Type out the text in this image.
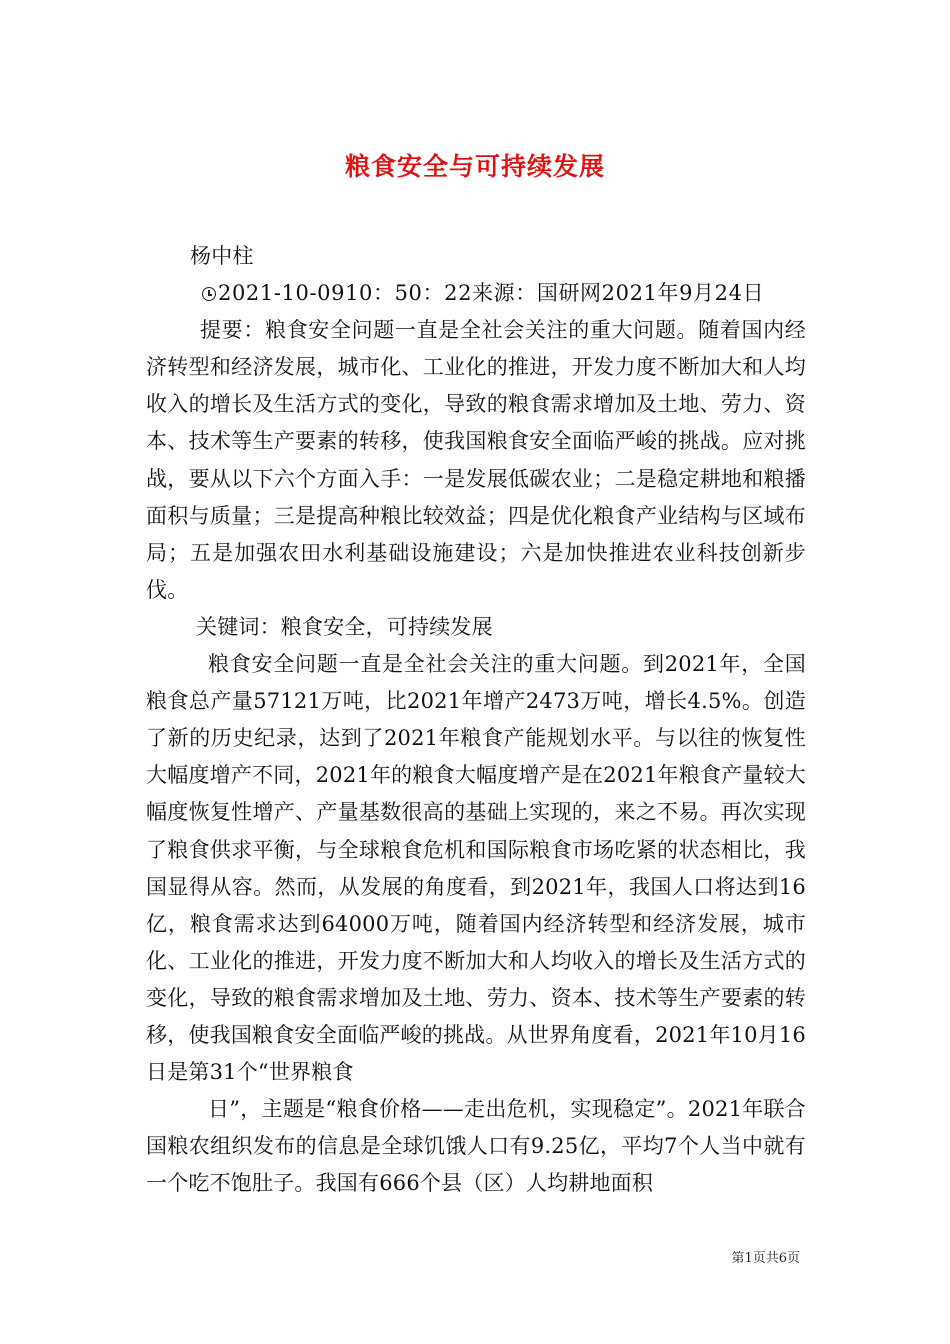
粮食安全与可持续发展

杨中柱

2021-10-0910：50：22来源：国研网2021年9月24日

提要：粮食安全问题一直是全社会关注的重大问题。随着国内经济转型和经济发展，城市化、工业化的推进，开发力度不断加大和人均收入的增长及生活方式的变化，导致的粮食需求增加及土地、劳力、资本、技术等生产要素的转移，使我国粮食安全面临严峻的挑战。应对挑战，要从以下六个方面入手：一是发展低碳农业；二是稳定耕地和粮播面积与质量；三是提高种粮比较效益；四是优化粮食产业结构与区域布局；五是加强农田水利基础设施建设；六是加快推进农业科技创新步伐。

关键词：粮食安全，可持续发展

粮食安全问题一直是全社会关注的重大问题。到2021年，全国粮食总产量57121万吨，比2021年增产2473万吨，增长4.5%。创造了新的历史纪录，达到了2021年粮食产能规划水平。与以往的恢复性大幅度增产不同，2021年的粮食大幅度增产是在2021年粮食产量较大幅度恢复性增产、产量基数很高的基础上实现的，来之不易。再次实现了粮食供求平衡，与全球粮食危机和国际粮食市场吃紧的状态相比，我国显得从容。然而，从发展的角度看，到2021年，我国人口将达到16亿，粮食需求达到64000万吨，随着国内经济转型和经济发展，城市化、工业化的推进，开发力度不断加大和人均收入的增长及生活方式的变化，导致的粮食需求增加及土地、劳力、资本、技术等生产要素的转移，使我国粮食安全面临严峻的挑战。从世界角度看，2021年10月16日是第31个“世界粮食

日”，主题是“粮食价格——走出危机，实现稳定”。2021年联合国粮农组织发布的信息是全球饥饿人口有9.25亿，平均7个人当中就有一个吃不饱肚子。我国有666个县（区）人均耕地面积

第1页共6页
